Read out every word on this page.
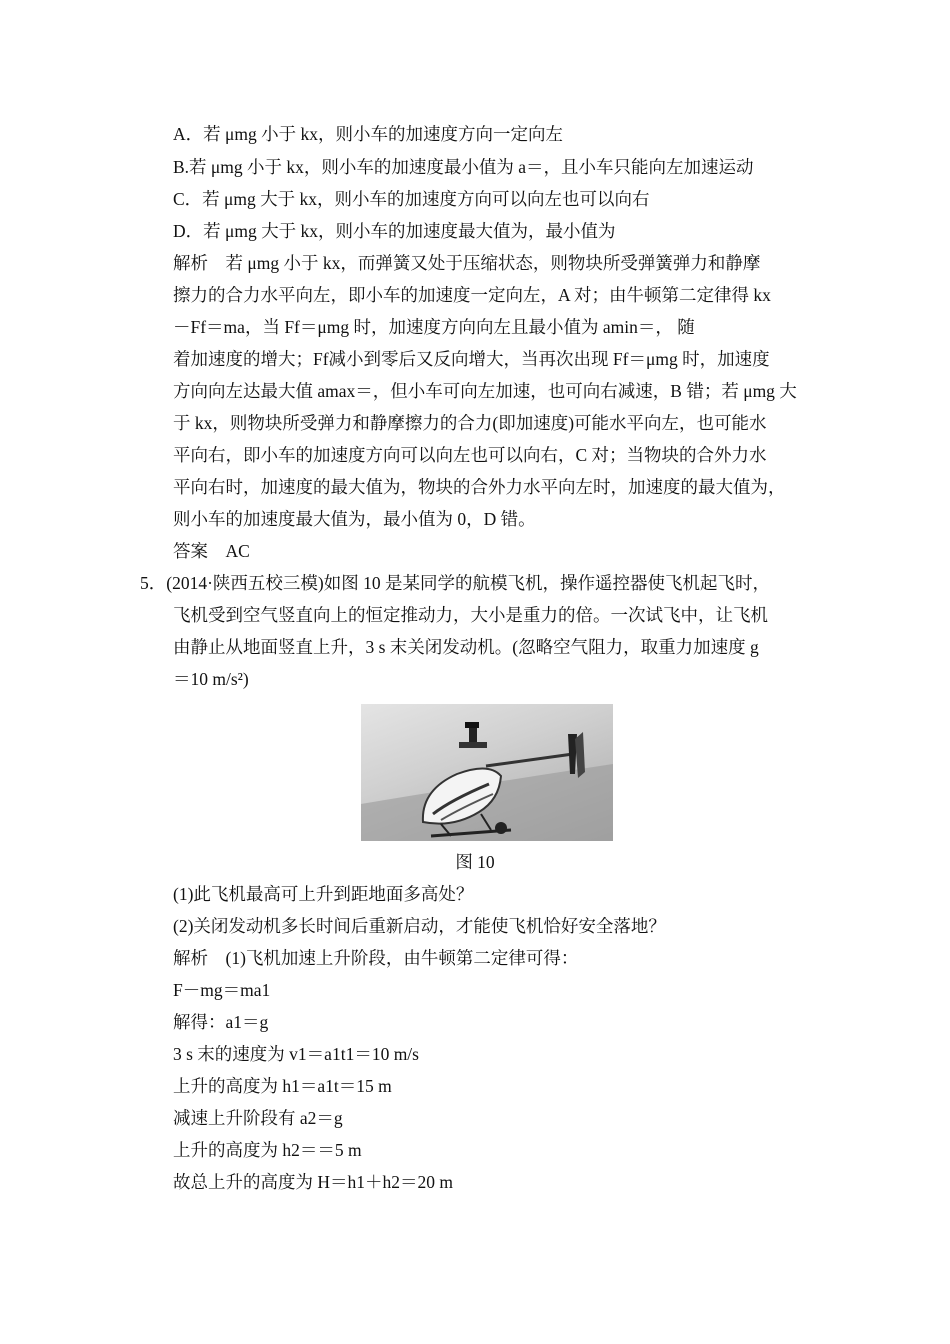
A．若 μmg 小于 kx，则小车的加速度方向一定向左
B.若 μmg 小于 kx，则小车的加速度最小值为 a＝，且小车只能向左加速运动
C．若 μmg 大于 kx，则小车的加速度方向可以向左也可以向右
D．若 μmg 大于 kx，则小车的加速度最大值为，最小值为
解析　若 μmg 小于 kx，而弹簧又处于压缩状态，则物块所受弹簧弹力和静摩
擦力的合力水平向左，即小车的加速度一定向左，A 对；由牛顿第二定律得 kx
－Ff＝ma，当 Ff＝μmg 时，加速度方向向左且最小值为 amin＝， 随
着加速度的增大；Ff减小到零后又反向增大，当再次出现 Ff＝μmg 时，加速度
方向向左达最大值 amax＝，但小车可向左加速，也可向右减速，B 错；若 μmg 大
于 kx，则物块所受弹力和静摩擦力的合力(即加速度)可能水平向左，也可能水
平向右，即小车的加速度方向可以向左也可以向右，C 对；当物块的合外力水
平向右时，加速度的最大值为，物块的合外力水平向左时，加速度的最大值为，
则小车的加速度最大值为，最小值为 0，D 错。
答案　AC
5．(2014·陕西五校三模)如图 10 是某同学的航模飞机，操作遥控器使飞机起飞时，
飞机受到空气竖直向上的恒定推动力，大小是重力的倍。一次试飞中，让飞机
由静止从地面竖直上升，3 s 末关闭发动机。(忽略空气阻力，取重力加速度 g
＝10 m/s²)
图 10
(1)此飞机最高可上升到距地面多高处？
(2)关闭发动机多长时间后重新启动，才能使飞机恰好安全落地？
解析　(1)飞机加速上升阶段，由牛顿第二定律可得：
F－mg＝ma1
解得：a1＝g
3 s 末的速度为 v1＝a1t1＝10 m/s
上升的高度为 h1＝a1t＝15 m
减速上升阶段有 a2＝g
上升的高度为 h2＝＝5 m
故总上升的高度为 H＝h1＋h2＝20 m
